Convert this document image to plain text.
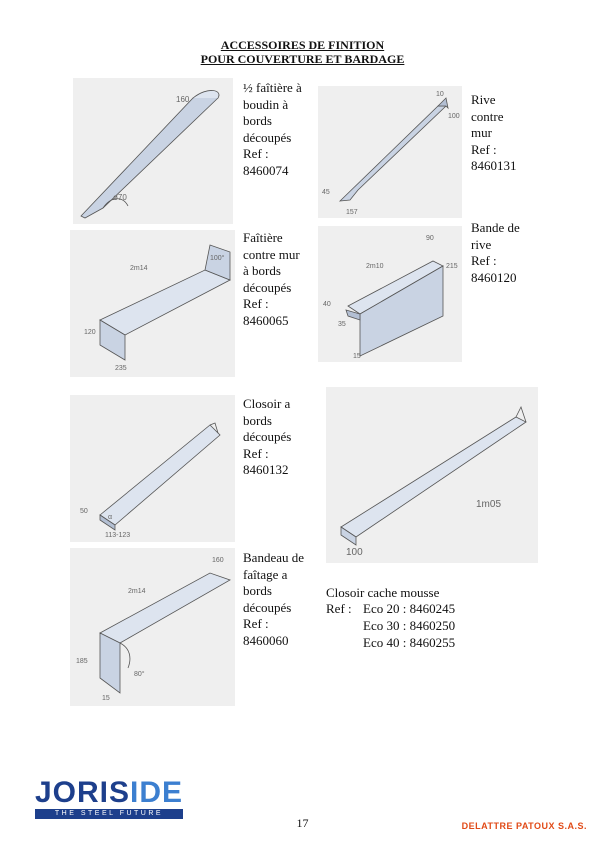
ACCESSOIRES DE FINITION
POUR COUVERTURE ET BARDAGE
160
ø70
½ faîtière à
boudin à
bords
découpés
Ref :
8460074
10
100
45
157
Rive
contre
mur
Ref :
8460131
2m14
100°
120
235
Faîtière
contre mur
à bords
découpés
Ref :
8460065
90
2m10	215
40
35
15
Bande de
rive
Ref :
8460120
50
α
113-123
Closoir a
bords
découpés
Ref :
8460132
1m05
100
160
2m14
185
80°
15
Bandeau de
faîtage a
bords
découpés
Ref :
8460060
Closoir cache mousse
Ref : Eco 20 : 8460245
Eco 30 : 8460250
Eco 40 : 8460255
JORISIDE
THE STEEL FUTURE
17	DELATTRE PATOUX S.A.S.
